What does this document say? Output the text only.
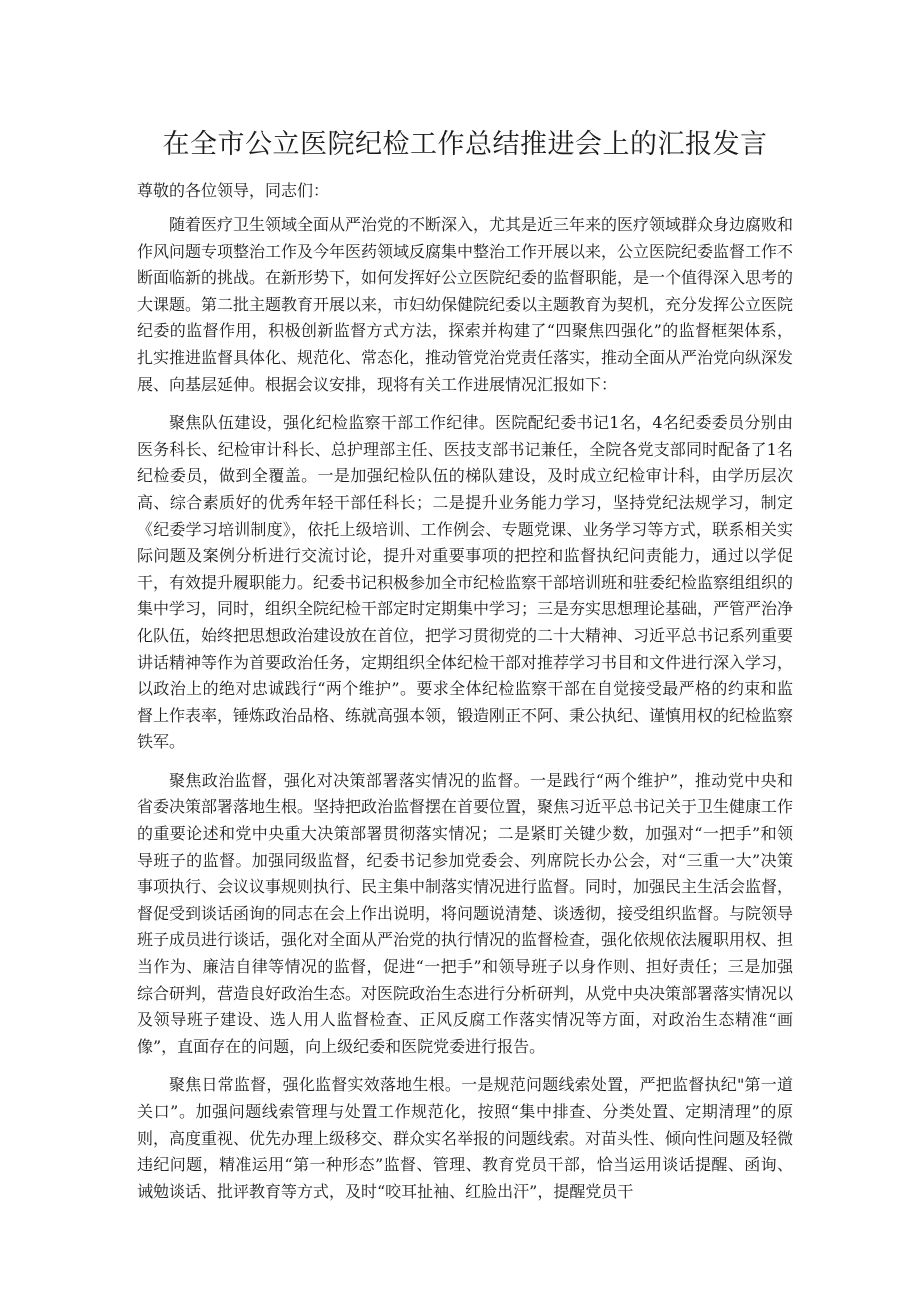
在全市公立医院纪检工作总结推进会上的汇报发言

尊敬的各位领导，同志们：

随着医疗卫生领域全面从严治党的不断深入，尤其是近三年来的医疗领域群众身边腐败和作风问题专项整治工作及今年医药领域反腐集中整治工作开展以来，公立医院纪委监督工作不断面临新的挑战。在新形势下，如何发挥好公立医院纪委的监督职能，是一个值得深入思考的大课题。第二批主题教育开展以来，市妇幼保健院纪委以主题教育为契机，充分发挥公立医院纪委的监督作用，积极创新监督方式方法，探索并构建了“四聚焦四强化”的监督框架体系，扎实推进监督具体化、规范化、常态化，推动管党治党责任落实，推动全面从严治党向纵深发展、向基层延伸。根据会议安排，现将有关工作进展情况汇报如下：

聚焦队伍建设，强化纪检监察干部工作纪律。医院配纪委书记1名，4名纪委委员分别由医务科长、纪检审计科长、总护理部主任、医技支部书记兼任，全院各党支部同时配备了1名纪检委员，做到全覆盖。一是加强纪检队伍的梯队建设，及时成立纪检审计科，由学历层次高、综合素质好的优秀年轻干部任科长；二是提升业务能力学习，坚持党纪法规学习，制定《纪委学习培训制度》，依托上级培训、工作例会、专题党课、业务学习等方式，联系相关实际问题及案例分析进行交流讨论，提升对重要事项的把控和监督执纪问责能力，通过以学促干，有效提升履职能力。纪委书记积极参加全市纪检监察干部培训班和驻委纪检监察组组织的集中学习，同时，组织全院纪检干部定时定期集中学习；三是夯实思想理论基础，严管严治净化队伍，始终把思想政治建设放在首位，把学习贯彻党的二十大精神、习近平总书记系列重要讲话精神等作为首要政治任务，定期组织全体纪检干部对推荐学习书目和文件进行深入学习，以政治上的绝对忠诚践行“两个维护”。要求全体纪检监察干部在自觉接受最严格的约束和监督上作表率，锤炼政治品格、练就高强本领，锻造刚正不阿、秉公执纪、谨慎用权的纪检监察铁军。

聚焦政治监督，强化对决策部署落实情况的监督。一是践行“两个维护”，推动党中央和省委决策部署落地生根。坚持把政治监督摆在首要位置，聚焦习近平总书记关于卫生健康工作的重要论述和党中央重大决策部署贯彻落实情况；二是紧盯关键少数，加强对“一把手”和领导班子的监督。加强同级监督，纪委书记参加党委会、列席院长办公会，对“三重一大”决策事项执行、会议议事规则执行、民主集中制落实情况进行监督。同时，加强民主生活会监督，督促受到谈话函询的同志在会上作出说明，将问题说清楚、谈透彻，接受组织监督。与院领导班子成员进行谈话，强化对全面从严治党的执行情况的监督检查，强化依规依法履职用权、担当作为、廉洁自律等情况的监督，促进“一把手”和领导班子以身作则、担好责任；三是加强综合研判，营造良好政治生态。对医院政治生态进行分析研判，从党中央决策部署落实情况以及领导班子建设、选人用人监督检查、正风反腐工作落实情况等方面，对政治生态精准“画像”，直面存在的问题，向上级纪委和医院党委进行报告。

聚焦日常监督，强化监督实效落地生根。一是规范问题线索处置，严把监督执纪"第一道关口”。加强问题线索管理与处置工作规范化，按照“集中排查、分类处置、定期清理”的原则，高度重视、优先办理上级移交、群众实名举报的问题线索。对苗头性、倾向性问题及轻微违纪问题，精准运用“第一种形态”监督、管理、教育党员干部，恰当运用谈话提醒、函询、诫勉谈话、批评教育等方式，及时“咬耳扯袖、红脸出汗”，提醒党员干
